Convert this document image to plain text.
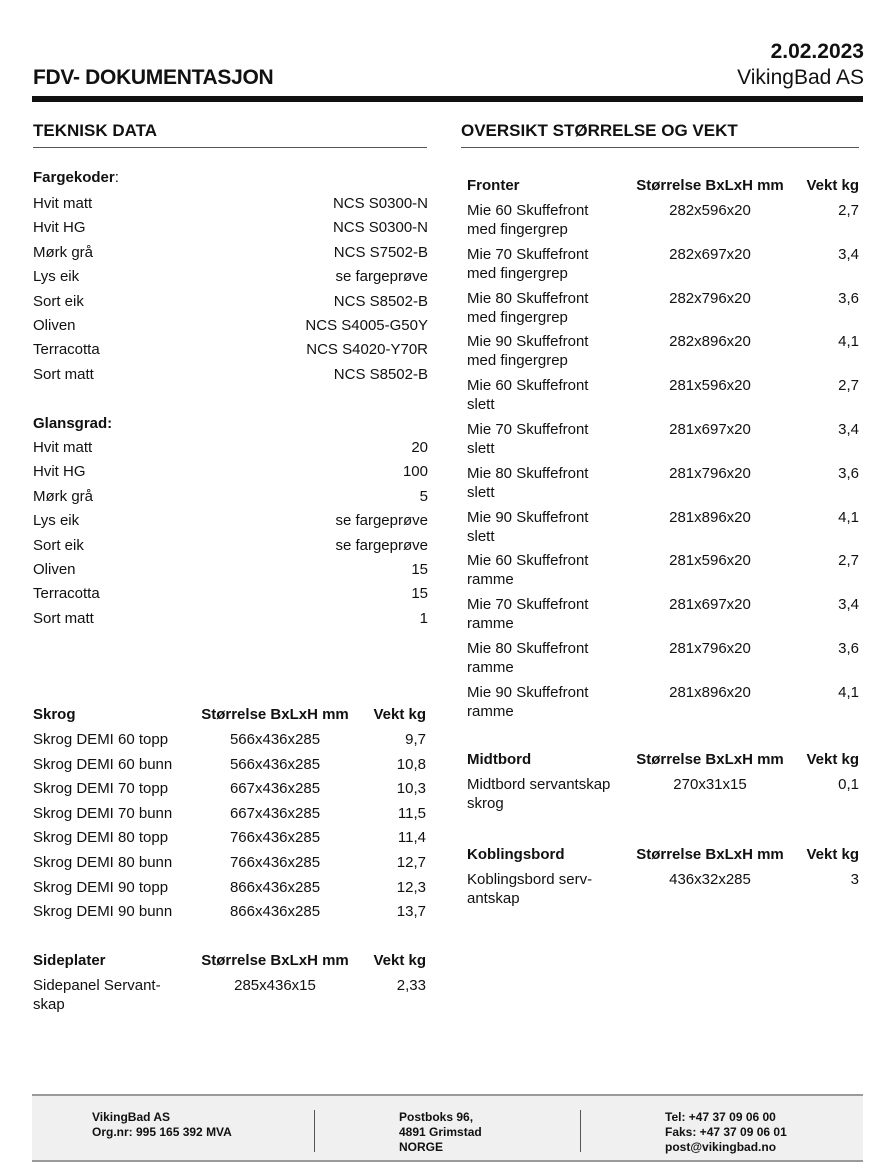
FDV- DOKUMENTASJON
2.02.2023
VikingBad AS
TEKNISK DATA	OVERSIKT STØRRELSE OG VEKT
Fargekoder:
Hvit matt	NCS S0300-N
Hvit HG	NCS S0300-N
Mørk grå	NCS S7502-B
Lys eik	se fargeprøve
Sort eik	NCS S8502-B
Oliven	NCS S4005-G50Y
Terracotta	NCS S4020-Y70R
Sort matt	NCS S8502-B
Glansgrad:
Hvit matt	20
Hvit HG	100
Mørk grå	5
Lys eik	se fargeprøve
Sort eik	se fargeprøve
Oliven	15
Terracotta	15
Sort matt	1
Skrog	Størrelse BxLxH mm Vekt kg
Skrog DEMI 60 topp	566x436x285	9,7
Skrog DEMI 60 bunn	566x436x285	10,8
Skrog DEMI 70 topp	667x436x285	10,3
Skrog DEMI 70 bunn	667x436x285	11,5
Skrog DEMI 80 topp	766x436x285	11,4
Skrog DEMI 80 bunn	766x436x285	12,7
Skrog DEMI 90 topp	866x436x285	12,3
Skrog DEMI 90 bunn	866x436x285	13,7
Sideplater	Størrelse BxLxH mm Vekt kg
Sidepanel Servant-
skap
285x436x15	2,33
Fronter	Størrelse BxLxH mm Vekt kg
Mie 60 Skuffefront
med fingergrep
282x596x20	2,7
Mie 70 Skuffefront
med fingergrep
282x697x20	3,4
Mie 80 Skuffefront
med fingergrep
282x796x20	3,6
Mie 90 Skuffefront
med fingergrep
282x896x20	4,1
Mie 60 Skuffefront
slett
281x596x20	2,7
Mie 70 Skuffefront
slett
281x697x20	3,4
Mie 80 Skuffefront
slett
281x796x20	3,6
Mie 90 Skuffefront
slett
281x896x20	4,1
Mie 60 Skuffefront
ramme
281x596x20	2,7
Mie 70 Skuffefront
ramme
281x697x20	3,4
Mie 80 Skuffefront
ramme
281x796x20	3,6
Mie 90 Skuffefront
ramme
281x896x20	4,1
Midtbord	Størrelse BxLxH mm Vekt kg
Midtbord servantskap
skrog
270x31x15	0,1
Koblingsbord	Størrelse BxLxH mm Vekt kg
Koblingsbord serv-
antskap
436x32x285	3
VikingBad AS
Org.nr: 995 165 392 MVA
Postboks 96,
4891 Grimstad
NORGE
Tel: +47 37 09 06 00
Faks: +47 37 09 06 01
post@vikingbad.no
